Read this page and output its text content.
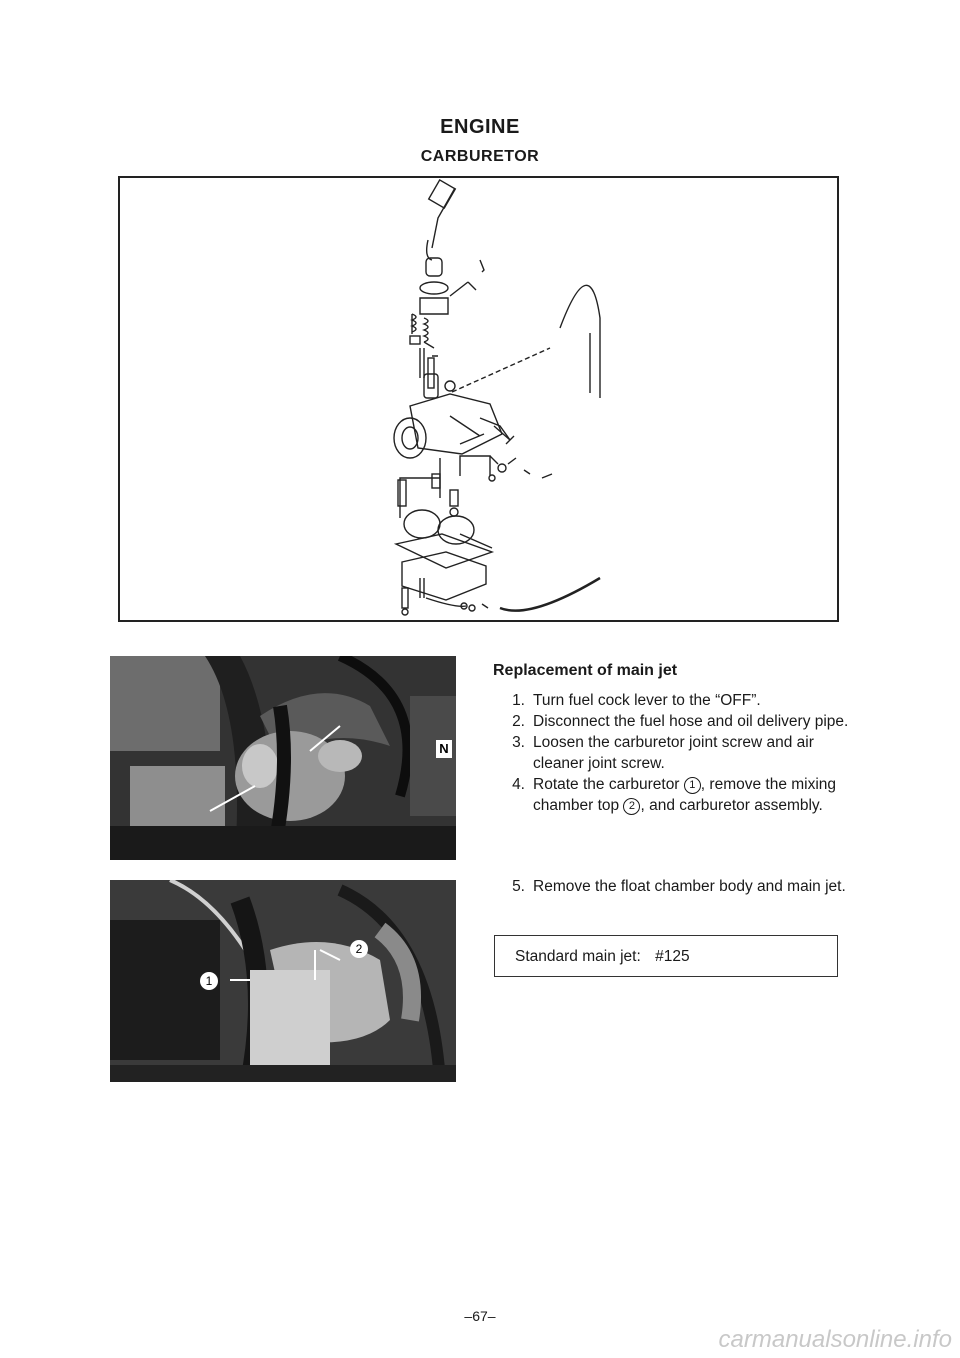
ENGINE
CARBURETOR
N
1
2
Replacement of main jet
1. Turn fuel cock lever to the “OFF”.
2. Disconnect the fuel hose and oil delivery pipe.
3. Loosen the carburetor joint screw and air cleaner joint screw.
4. Rotate the carburetor 1 , remove the mixing chamber top 2 , and carburetor assembly.
5. Remove the float chamber body and main jet.
Standard main jet: #125
–67–
carmanualsonline.info
